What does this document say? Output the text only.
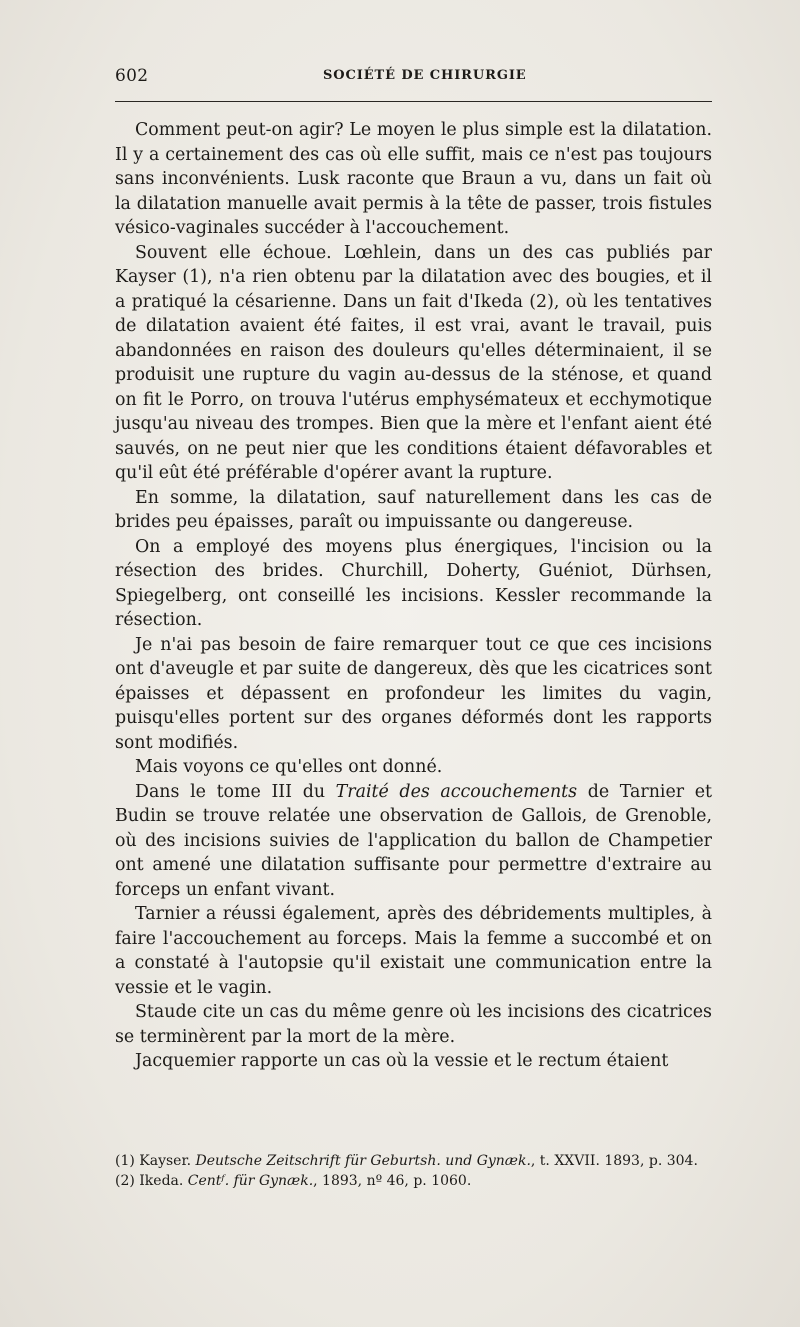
602	SOCIÉTÉ DE CHIRURGIE

Comment peut-on agir? Le moyen le plus simple est la dilatation. Il y a certainement des cas où elle suffit, mais ce n'est pas toujours sans inconvénients. Lusk raconte que Braun a vu, dans un fait où la dilatation manuelle avait permis à la tête de passer, trois fistules vésico-vaginales succéder à l'accouchement.

Souvent elle échoue. Lœhlein, dans un des cas publiés par Kayser (1), n'a rien obtenu par la dilatation avec des bougies, et il a pratiqué la césarienne. Dans un fait d'Ikeda (2), où les tentatives de dilatation avaient été faites, il est vrai, avant le travail, puis abandonnées en raison des douleurs qu'elles déterminaient, il se produisit une rupture du vagin au-dessus de la sténose, et quand on fit le Porro, on trouva l'utérus emphysémateux et ecchymotique jusqu'au niveau des trompes. Bien que la mère et l'enfant aient été sauvés, on ne peut nier que les conditions étaient défavorables et qu'il eût été préférable d'opérer avant la rupture.

En somme, la dilatation, sauf naturellement dans les cas de brides peu épaisses, paraît ou impuissante ou dangereuse.

On a employé des moyens plus énergiques, l'incision ou la résection des brides. Churchill, Doherty, Guéniot, Dürhsen, Spiegelberg, ont conseillé les incisions. Kessler recommande la résection.

Je n'ai pas besoin de faire remarquer tout ce que ces incisions ont d'aveugle et par suite de dangereux, dès que les cicatrices sont épaisses et dépassent en profondeur les limites du vagin, puisqu'elles portent sur des organes déformés dont les rapports sont modifiés.

Mais voyons ce qu'elles ont donné.

Dans le tome III du Traité des accouchements de Tarnier et Budin se trouve relatée une observation de Gallois, de Grenoble, où des incisions suivies de l'application du ballon de Champetier ont amené une dilatation suffisante pour permettre d'extraire au forceps un enfant vivant.

Tarnier a réussi également, après des débridements multiples, à faire l'accouchement au forceps. Mais la femme a succombé et on a constaté à l'autopsie qu'il existait une communication entre la vessie et le vagin.

Staude cite un cas du même genre où les incisions des cicatrices se terminèrent par la mort de la mère.

Jacquemier rapporte un cas où la vessie et le rectum étaient

(1) Kayser. Deutsche Zeitschrift für Geburtsh. und Gynæk., t. XXVII. 1893, p. 304.

(2) Ikeda. Centᶠ. für Gynæk., 1893, nº 46, p. 1060.
